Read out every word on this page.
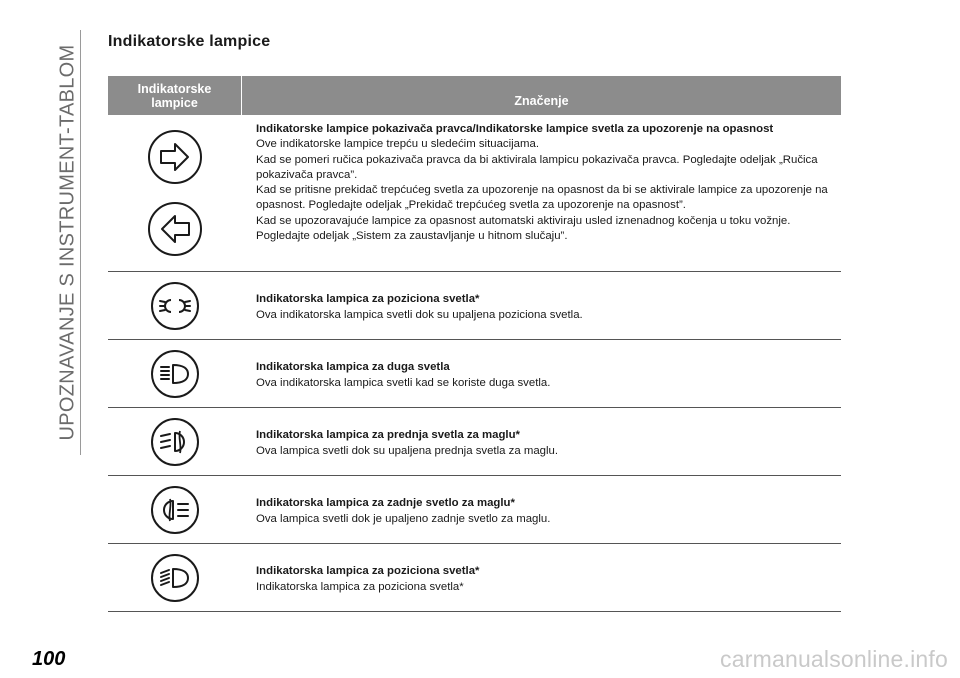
UPOZNAVANJE S INSTRUMENT-TABLOM
Indikatorske lampice
Indikatorske
lampice	Značenje
Indikatorske lampice pokazivača pravca/Indikatorske lampice svetla za upozorenje na opasnost
Ove indikatorske lampice trepću u sledećim situacijama.
Kad se pomeri ručica pokazivača pravca da bi aktivirala lampicu pokazivača pravca. Pogledajte odeljak „Ručica pokazivača pravca”.
Kad se pritisne prekidač trepćućeg svetla za upozorenje na opasnost da bi se aktivirale lampice za upozorenje na opasnost. Pogledajte odeljak „Prekidač trepćućeg svetla za upozorenje na opasnost”.
Kad se upozoravajuće lampice za opasnost automatski aktiviraju usled iznenadnog kočenja u toku vožnje. Pogledajte odeljak „Sistem za zaustavljanje u hitnom slučaju”.
Indikatorska lampica za poziciona svetla*
Ova indikatorska lampica svetli dok su upaljena poziciona svetla.
Indikatorska lampica za duga svetla
Ova indikatorska lampica svetli kad se koriste duga svetla.
Indikatorska lampica za prednja svetla za maglu*
Ova lampica svetli dok su upaljena prednja svetla za maglu.
Indikatorska lampica za zadnje svetlo za maglu*
Ova lampica svetli dok je upaljeno zadnje svetlo za maglu.
Indikatorska lampica za poziciona svetla*
Indikatorska lampica za poziciona svetla*
100	carmanualsonline.info
